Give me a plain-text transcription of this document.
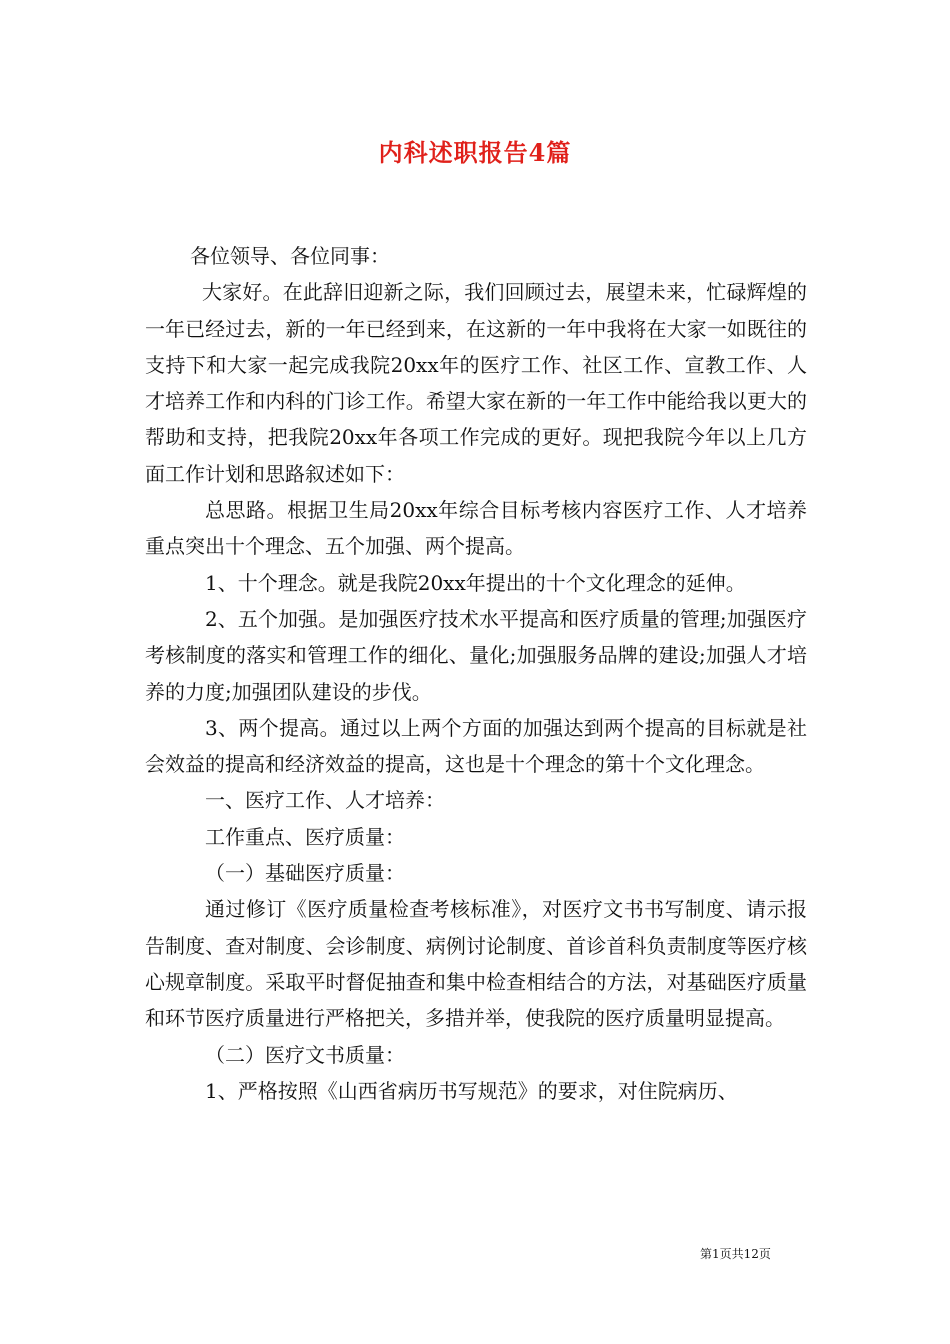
内科述职报告4篇

各位领导、各位同事：

大家好。在此辞旧迎新之际，我们回顾过去，展望未来，忙碌辉煌的一年已经过去，新的一年已经到来，在这新的一年中我将在大家一如既往的支持下和大家一起完成我院20xx年的医疗工作、社区工作、宣教工作、人才培养工作和内科的门诊工作。希望大家在新的一年工作中能给我以更大的帮助和支持，把我院20xx年各项工作完成的更好。现把我院今年以上几方面工作计划和思路叙述如下：

总思路。根据卫生局20xx年综合目标考核内容医疗工作、人才培养重点突出十个理念、五个加强、两个提高。

1、十个理念。就是我院20xx年提出的十个文化理念的延伸。

2、五个加强。是加强医疗技术水平提高和医疗质量的管理;加强医疗考核制度的落实和管理工作的细化、量化;加强服务品牌的建设;加强人才培养的力度;加强团队建设的步伐。

3、两个提高。通过以上两个方面的加强达到两个提高的目标就是社会效益的提高和经济效益的提高，这也是十个理念的第十个文化理念。

一、医疗工作、人才培养：

工作重点、医疗质量：

（一）基础医疗质量：

通过修订《医疗质量检查考核标准》，对医疗文书书写制度、请示报告制度、查对制度、会诊制度、病例讨论制度、首诊首科负责制度等医疗核心规章制度。采取平时督促抽查和集中检查相结合的方法，对基础医疗质量和环节医疗质量进行严格把关，多措并举，使我院的医疗质量明显提高。

（二）医疗文书质量：

1、严格按照《山西省病历书写规范》的要求，对住院病历、

第1页共12页
